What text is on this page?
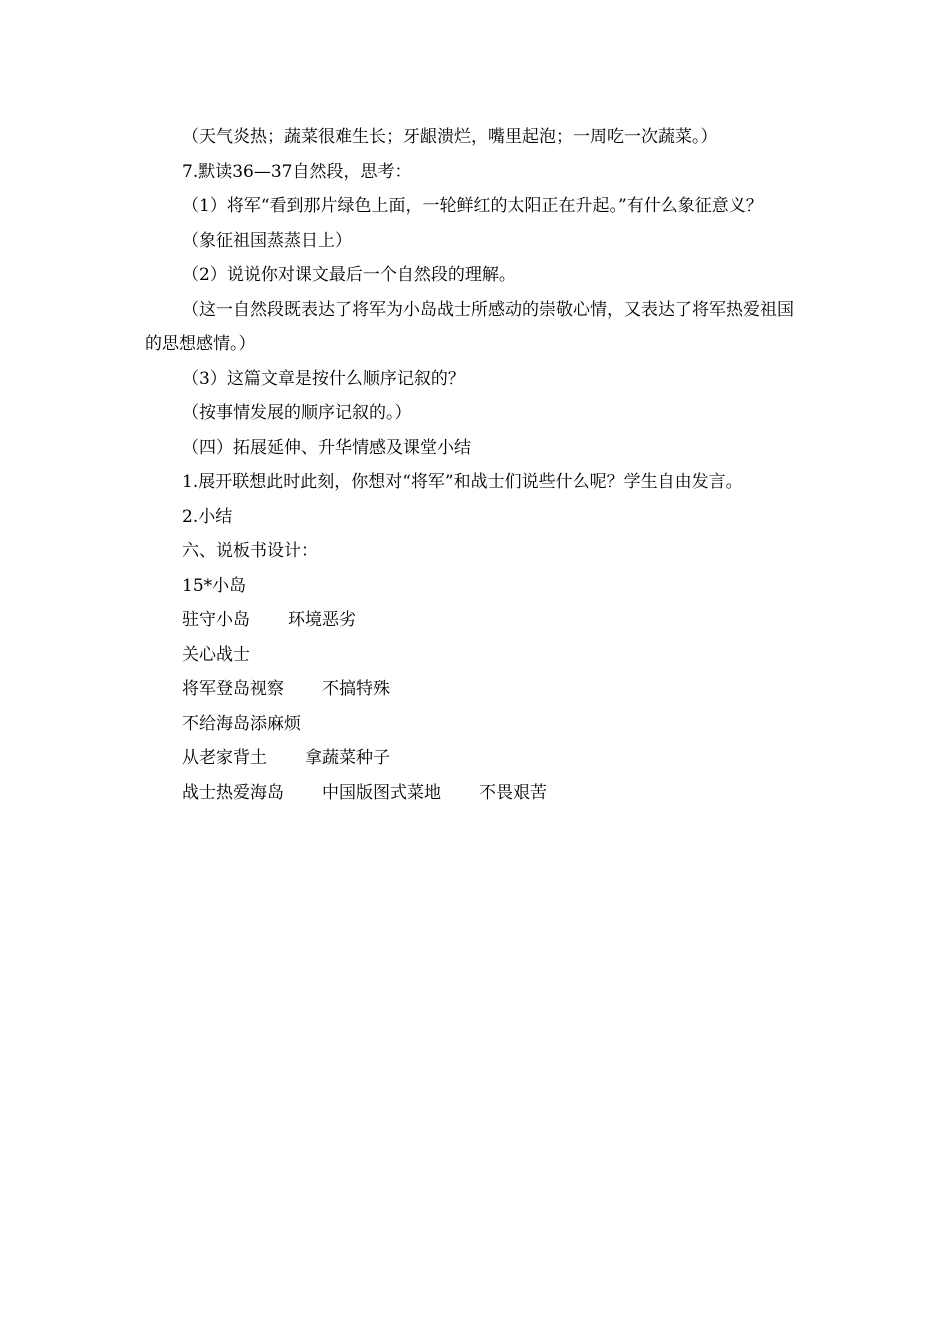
（天气炎热；蔬菜很难生长；牙龈溃烂，嘴里起泡；一周吃一次蔬菜。）

7.默读36—37自然段，思考：

（1）将军“看到那片绿色上面，一轮鲜红的太阳正在升起。”有什么象征意义？

（象征祖国蒸蒸日上）

（2）说说你对课文最后一个自然段的理解。

（这一自然段既表达了将军为小岛战士所感动的崇敬心情，又表达了将军热爱祖国的思想感情。）

（3）这篇文章是按什么顺序记叙的？

（按事情发展的顺序记叙的。）

（四）拓展延伸、升华情感及课堂小结

1.展开联想此时此刻，你想对“将军”和战士们说些什么呢？学生自由发言。

2.小结

六、说板书设计：

15*小岛

驻守小岛 环境恶劣

关心战士

将军登岛视察 不搞特殊

不给海岛添麻烦

从老家背土 拿蔬菜种子

战士热爱海岛 中国版图式菜地 不畏艰苦
